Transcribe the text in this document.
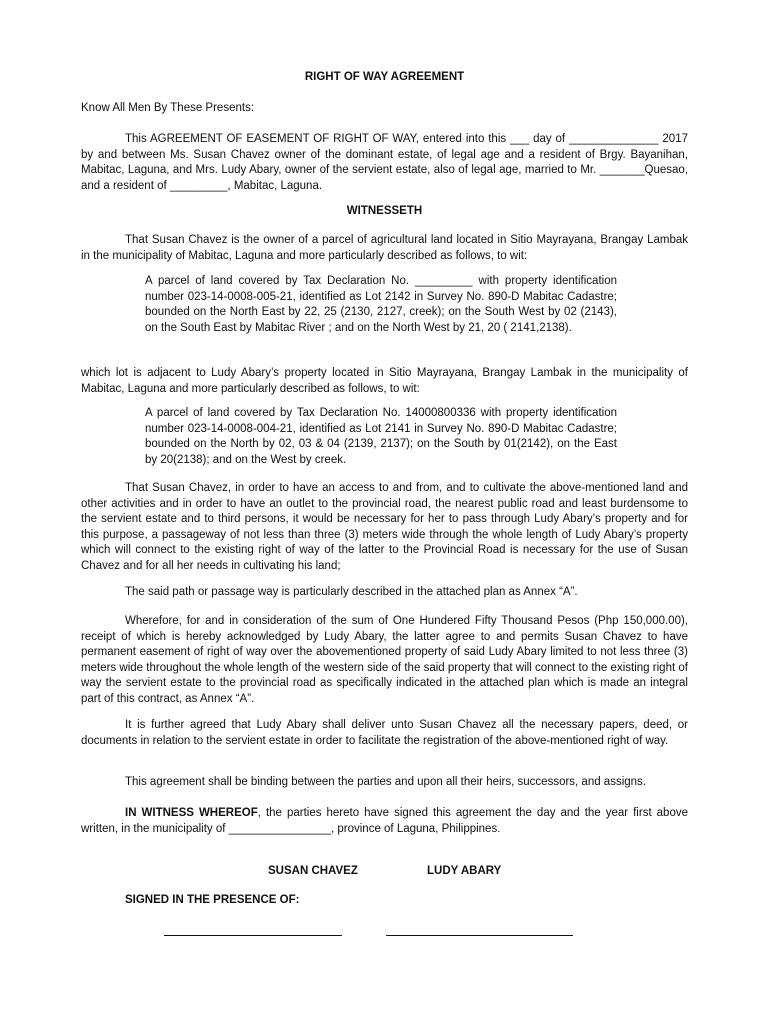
RIGHT OF WAY AGREEMENT

Know All Men By These Presents:

This AGREEMENT OF EASEMENT OF RIGHT OF WAY, entered into this ___ day of ______________ 2017 by and between Ms. Susan Chavez owner of the dominant estate, of legal age and a resident of Brgy. Bayanihan, Mabitac, Laguna, and Mrs. Ludy Abary, owner of the servient estate, also of legal age, married to Mr. _______Quesao, and a resident of _________, Mabitac, Laguna.

WITNESSETH

That Susan Chavez is the owner of a parcel of agricultural land located in Sitio Mayrayana, Brangay Lambak in the municipality of Mabitac, Laguna and more particularly described as follows, to wit:

A parcel of land covered by Tax Declaration No. _________ with property identification number 023-14-0008-005-21, identified as Lot 2142 in Survey No. 890-D Mabitac Cadastre; bounded on the North East by 22, 25 (2130, 2127, creek); on the South West by 02 (2143), on the South East by Mabitac River ; and on the North West by 21, 20 ( 2141,2138).

which lot is adjacent to Ludy Abary’s property located in Sitio Mayrayana, Brangay Lambak in the municipality of Mabitac, Laguna and more particularly described as follows, to wit:

A parcel of land covered by Tax Declaration No. 14000800336 with property identification number 023-14-0008-004-21, identified as Lot 2141 in Survey No. 890-D Mabitac Cadastre; bounded on the North by 02, 03 & 04 (2139, 2137); on the South by 01(2142), on the East by 20(2138); and on the West by creek.

That Susan Chavez, in order to have an access to and from, and to cultivate the above-mentioned land and other activities and in order to have an outlet to the provincial road, the nearest public road and least burdensome to the servient estate and to third persons, it would be necessary for her to pass through Ludy Abary’s property and for this purpose, a passageway of not less than three (3) meters wide through the whole length of Ludy Abary’s property which will connect to the existing right of way of the latter to the Provincial Road is necessary for the use of Susan Chavez and for all her needs in cultivating his land;

The said path or passage way is particularly described in the attached plan as Annex “A”.

Wherefore, for and in consideration of the sum of One Hundered Fifty Thousand Pesos (Php 150,000.00), receipt of which is hereby acknowledged by Ludy Abary, the latter agree to and permits Susan Chavez to have permanent easement of right of way over the abovementioned property of said Ludy Abary limited to not less three (3) meters wide throughout the whole length of the western side of the said property that will connect to the existing right of way the servient estate to the provincial road as specifically indicated in the attached plan which is made an integral part of this contract, as Annex “A”.

It is further agreed that Ludy Abary shall deliver unto Susan Chavez all the necessary papers, deed, or documents in relation to the servient estate in order to facilitate the registration of the above-mentioned right of way.

This agreement shall be binding between the parties and upon all their heirs, successors, and assigns.

IN WITNESS WHEREOF, the parties hereto have signed this agreement the day and the year first above written, in the municipality of ________________, province of Laguna, Philippines.

SUSAN CHAVEZ	LUDY ABARY
SIGNED IN THE PRESENCE OF:
